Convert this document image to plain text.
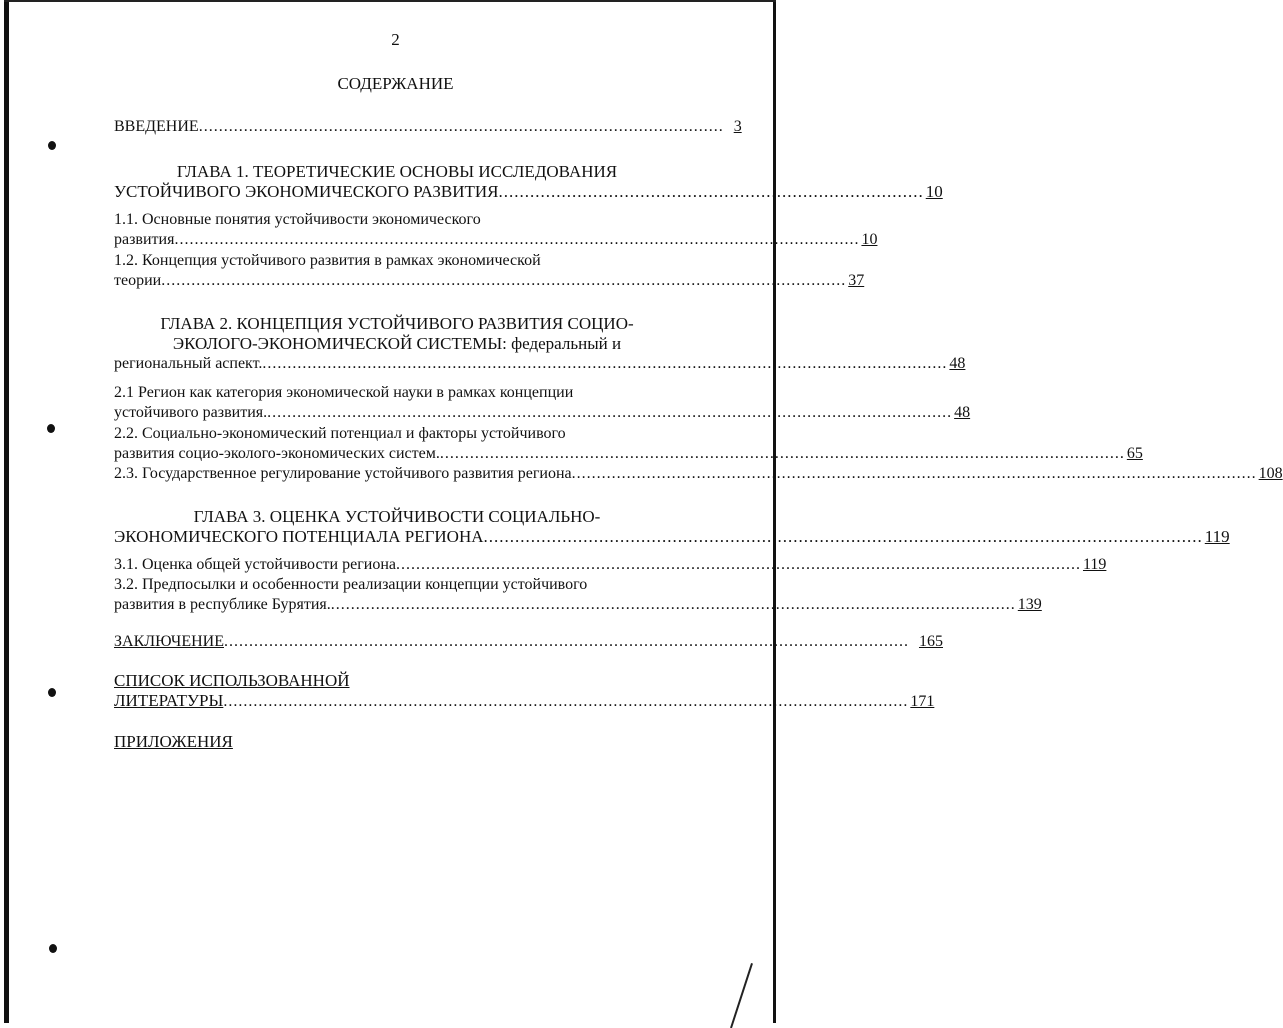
2
СОДЕРЖАНИЕ
ВВЕДЕНИЕ ......................................................................................................... 3
ГЛАВА 1. ТЕОРЕТИЧЕСКИЕ ОСНОВЫ ИССЛЕДОВАНИЯ
УСТОЙЧИВОГО ЭКОНОМИЧЕСКОГО РАЗВИТИЯ ................................................................................. 10
1.1. Основные понятия устойчивости экономического
развития ......................................................................................................................................... 10
1.2. Концепция устойчивого развития в рамках экономической
теории ......................................................................................................................................... 37
ГЛАВА 2. КОНЦЕПЦИЯ УСТОЙЧИВОГО РАЗВИТИЯ СОЦИО-
ЭКОЛОГО-ЭКОНОМИЧЕСКОЙ СИСТЕМЫ: федеральный и
региональный аспект. ......................................................................................................................................... 48
2.1 Регион как категория экономической науки в рамках концепции
устойчивого развития. ......................................................................................................................................... 48
2.2. Социально-экономический потенциал и факторы устойчивого
развития социо-эколого-экономических систем. ......................................................................................................................................... 65
2.3. Государственное регулирование устойчивого развития региона ......................................................................................................................................... 108
ГЛАВА 3. ОЦЕНКА УСТОЙЧИВОСТИ СОЦИАЛЬНО-
ЭКОНОМИЧЕСКОГО ПОТЕНЦИАЛА РЕГИОНА ......................................................................................................................................... 119
3.1. Оценка общей устойчивости региона ......................................................................................................................................... 119
3.2. Предпосылки и особенности реализации концепции устойчивого
развития в республике Бурятия. ......................................................................................................................................... 139
ЗАКЛЮЧЕНИЕ ......................................................................................................................................... 165
СПИСОК ИСПОЛЬЗОВАННОЙ
ЛИТЕРАТУРЫ ......................................................................................................................................... 171
ПРИЛОЖЕНИЯ
